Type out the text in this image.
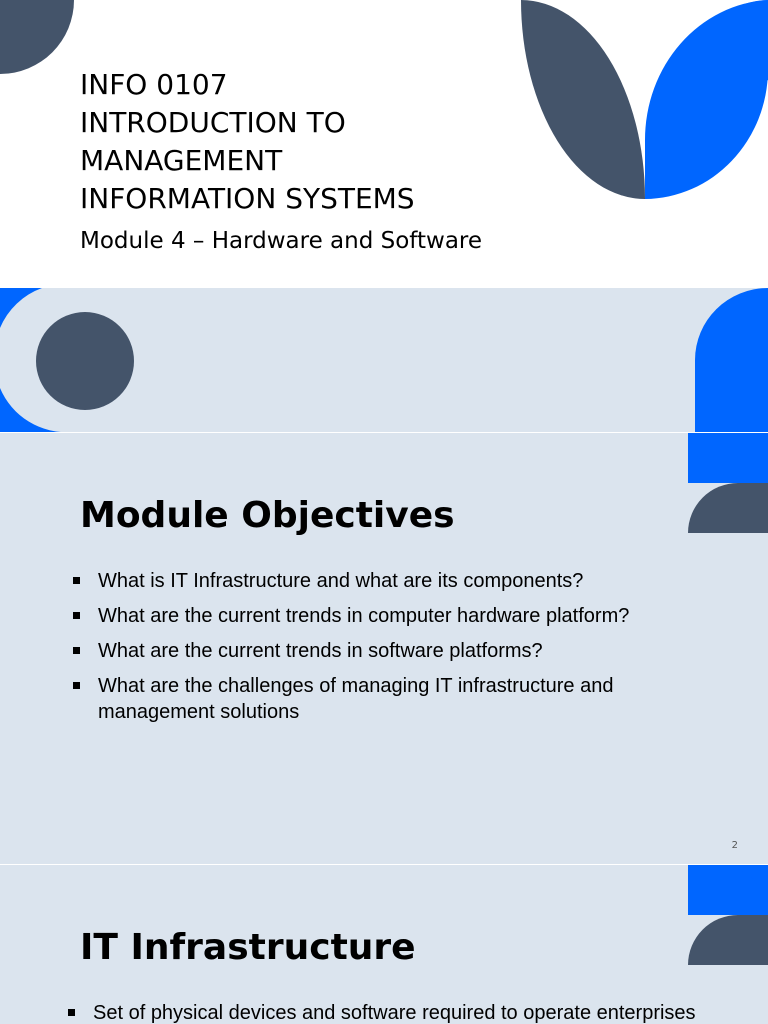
INFO 0107
INTRODUCTION TO
MANAGEMENT
INFORMATION SYSTEMS
Module 4 – Hardware and Software
Module Objectives
What is IT Infrastructure and what are its components?
What are the current trends in computer hardware platform?
What are the current trends in software platforms?
What are the challenges of managing IT infrastructure and management solutions
2
IT Infrastructure
Set of physical devices and software required to operate enterprises
